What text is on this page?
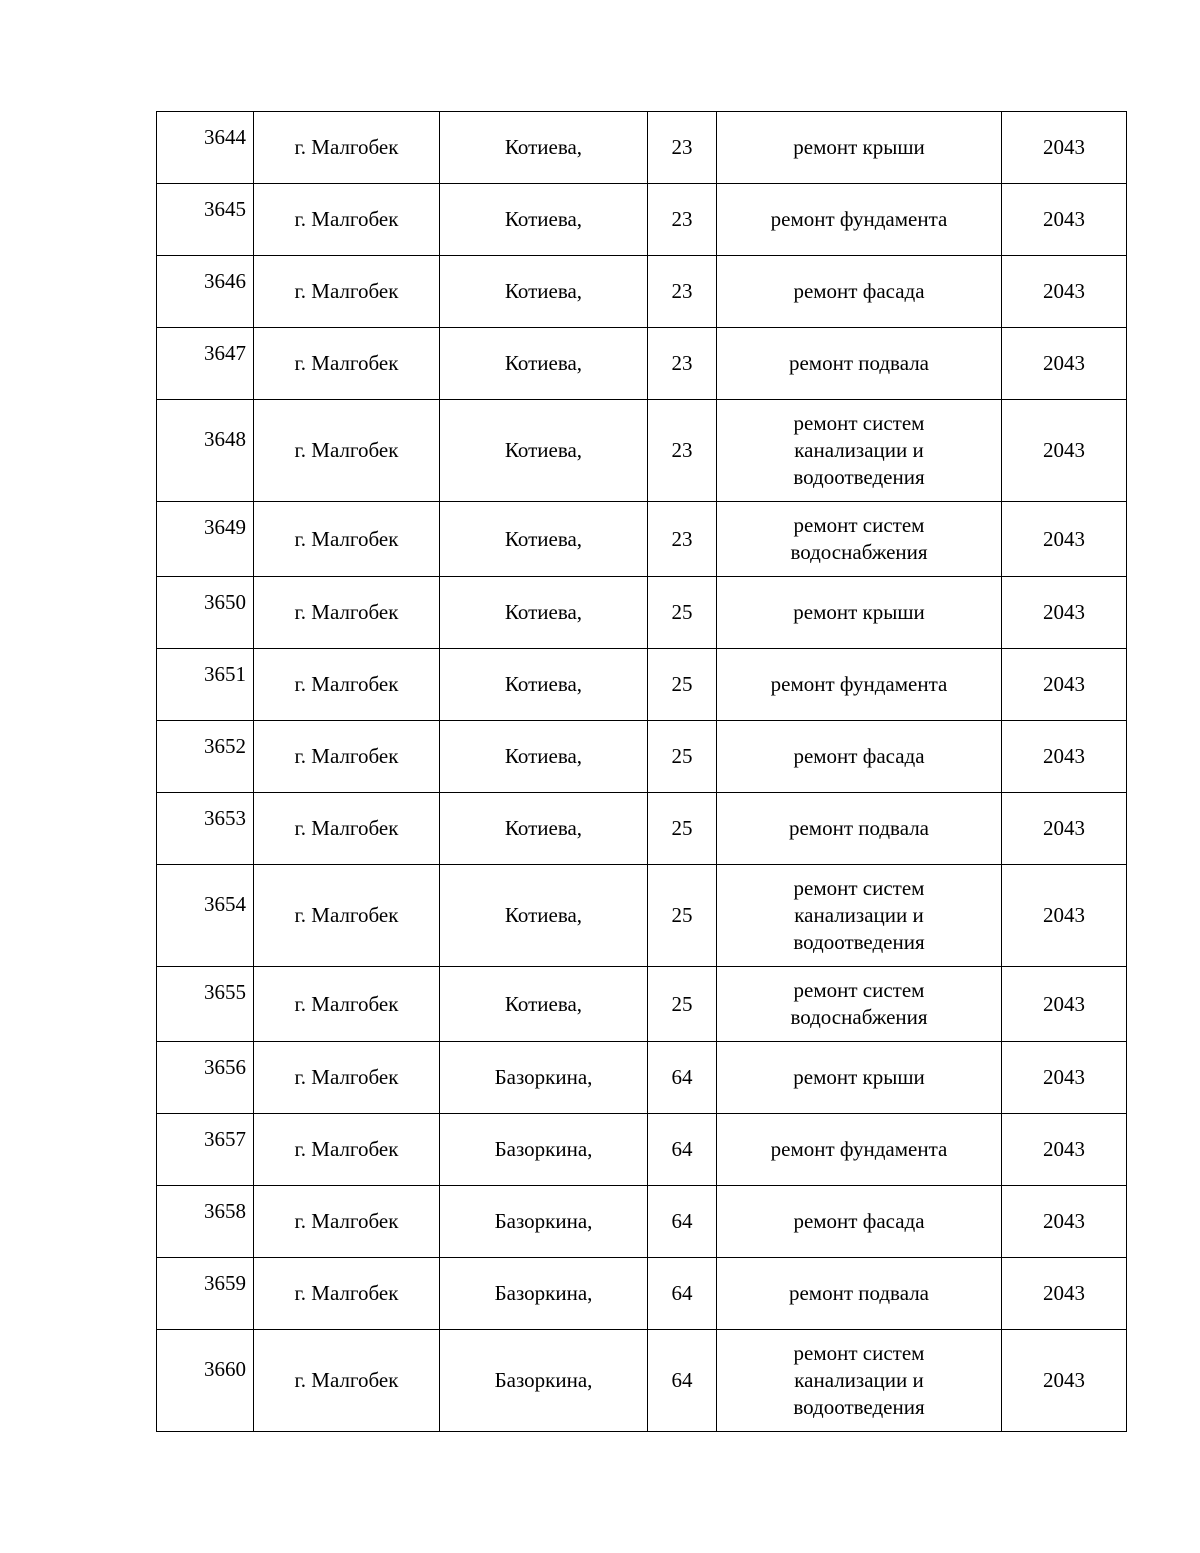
3644	г. Малгобек	Котиева,	23	ремонт крыши	2043
3645	г. Малгобек	Котиева,	23	ремонт фундамента	2043
3646	г. Малгобек	Котиева,	23	ремонт фасада	2043
3647	г. Малгобек	Котиева,	23	ремонт подвала	2043
3648	г. Малгобек	Котиева,	23	ремонт систем канализации и водоотведения	2043
3649	г. Малгобек	Котиева,	23	ремонт систем водоснабжения	2043
3650	г. Малгобек	Котиева,	25	ремонт крыши	2043
3651	г. Малгобек	Котиева,	25	ремонт фундамента	2043
3652	г. Малгобек	Котиева,	25	ремонт фасада	2043
3653	г. Малгобек	Котиева,	25	ремонт подвала	2043
3654	г. Малгобек	Котиева,	25	ремонт систем канализации и водоотведения	2043
3655	г. Малгобек	Котиева,	25	ремонт систем водоснабжения	2043
3656	г. Малгобек	Базоркина,	64	ремонт крыши	2043
3657	г. Малгобек	Базоркина,	64	ремонт фундамента	2043
3658	г. Малгобек	Базоркина,	64	ремонт фасада	2043
3659	г. Малгобек	Базоркина,	64	ремонт подвала	2043
3660	г. Малгобек	Базоркина,	64	ремонт систем канализации и водоотведения	2043
